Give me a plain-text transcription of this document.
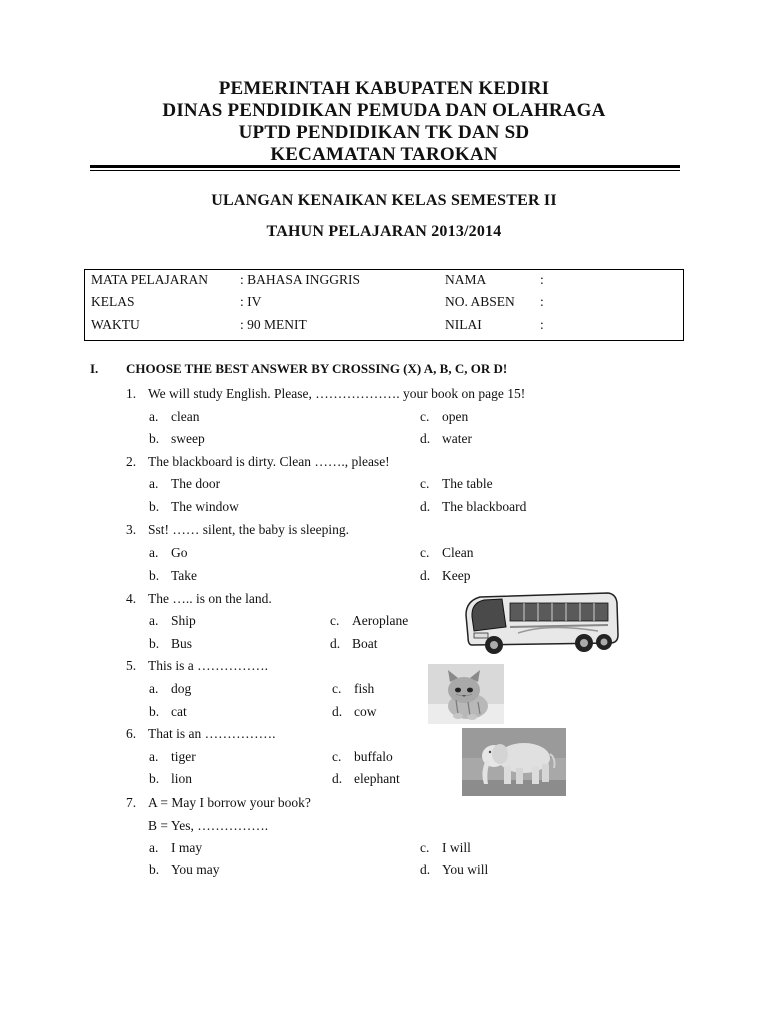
PEMERINTAH KABUPATEN KEDIRI
DINAS PENDIDIKAN PEMUDA DAN OLAHRAGA
UPTD PENDIDIKAN TK DAN SD
KECAMATAN TAROKAN
ULANGAN KENAIKAN KELAS SEMESTER II
TAHUN PELAJARAN 2013/2014
MATA PELAJARAN : BAHASA INGGRIS	NAMA	:
KELAS	: IV	NO. ABSEN :
WAKTU	: 90 MENIT	NILAI	:
I. CHOOSE THE BEST ANSWER BY CROSSING (X) A, B, C, OR D!
1. We will study English. Please, ………………. your book on page 15!
a. clean
b. sweep
c. open
d. water
2. The blackboard is dirty. Clean ……., please!
a. The door
b. The window
c. The table
d. The blackboard
3. Sst! …… silent, the baby is sleeping.
a. Go
b. Take
c. Clean
d. Keep
4. The ….. is on the land.
a. Ship
b. Bus
c. Aeroplane
d. Boat
5. This is a …………….
a. dog
b. cat
c. fish
d. cow
6. That is an …………….
a. tiger
b. lion
c. buffalo
d. elephant
7. A = May I borrow your book?
B = Yes, …………….
a. I may
b. You may
c. I will
d. You will
